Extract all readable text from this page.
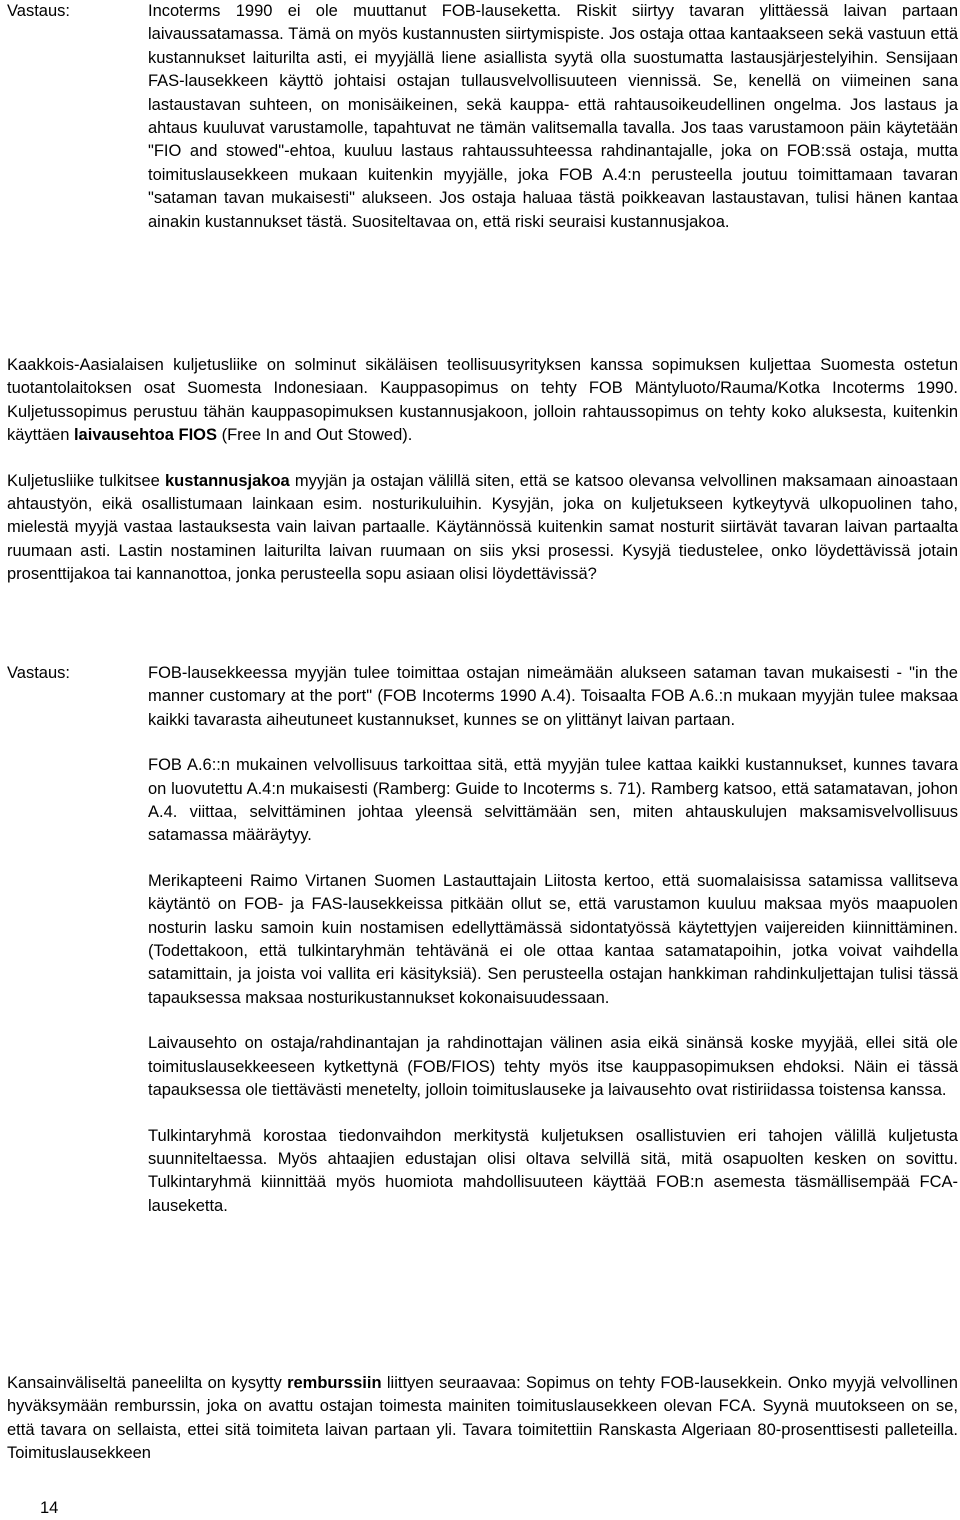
Vastaus:	Incoterms 1990 ei ole muuttanut FOB-lauseketta. Riskit siirtyy tavaran ylittäessä laivan partaan laivaussatamassa. Tämä on myös kustannusten siirtymispiste. Jos ostaja ottaa kantaakseen sekä vastuun että kustannukset laiturilta asti, ei myyjällä liene asiallista syytä olla suostumatta lastausjärjestelyihin. Sensijaan FAS-lausekkeen käyttö johtaisi ostajan tullausvelvollisuuteen viennissä. Se, kenellä on viimeinen sana lastaustavan suhteen, on monisäikeinen, sekä kauppa- että rahtausoikeudellinen ongelma. Jos lastaus ja ahtaus kuuluvat varustamolle, tapahtuvat ne tämän valitsemalla tavalla. Jos taas varustamoon päin käytetään "FIO and stowed"-ehtoa, kuuluu lastaus rahtaussuhteessa rahdinantajalle, joka on FOB:ssä ostaja, mutta toimituslausekkeen mukaan kuitenkin myyjälle, joka FOB A.4:n perusteella joutuu toimittamaan tavaran "sataman tavan mukaisesti" alukseen. Jos ostaja haluaa tästä poikkeavan lastaustavan, tulisi hänen kantaa ainakin kustannukset tästä. Suositeltavaa on, että riski seuraisi kustannusjakoa.

Kaakkois-Aasialaisen kuljetusliike on solminut sikäläisen teollisuusyrityksen kanssa sopimuksen kuljettaa Suomesta ostetun tuotantolaitoksen osat Suomesta Indonesiaan. Kauppasopimus on tehty FOB Mäntyluoto/Rauma/Kotka Incoterms 1990. Kuljetussopimus perustuu tähän kauppasopimuksen kustannusjakoon, jolloin rahtaussopimus on tehty koko aluksesta, kuitenkin käyttäen laivausehtoa FIOS (Free In and Out Stowed).

Kuljetusliike tulkitsee kustannusjakoa myyjän ja ostajan välillä siten, että se katsoo olevansa velvollinen maksamaan ainoastaan ahtaustyön, eikä osallistumaan lainkaan esim. nosturikuluihin. Kysyjän, joka on kuljetukseen kytkeytyvä ulkopuolinen taho, mielestä myyjä vastaa lastauksesta vain laivan partaalle. Käytännössä kuitenkin samat nosturit siirtävät tavaran laivan partaalta ruumaan asti. Lastin nostaminen laiturilta laivan ruumaan on siis yksi prosessi. Kysyjä tiedustelee, onko löydettävissä jotain prosenttijakoa tai kannanottoa, jonka perusteella sopu asiaan olisi löydettävissä?

Vastaus:	FOB-lausekkeessa myyjän tulee toimittaa ostajan nimeämään alukseen sataman tavan mukaisesti - "in the manner customary at the port" (FOB Incoterms 1990 A.4). Toisaalta FOB A.6.:n mukaan myyjän tulee maksaa kaikki tavarasta aiheutuneet kustannukset, kunnes se on ylittänyt laivan partaan.

FOB A.6::n mukainen velvollisuus tarkoittaa sitä, että myyjän tulee kattaa kaikki kustannukset, kunnes tavara on luovutettu A.4:n mukaisesti (Ramberg: Guide to Incoterms s. 71). Ramberg katsoo, että satamatavan, johon A.4. viittaa, selvittäminen johtaa yleensä selvittämään sen, miten ahtauskulujen maksamisvelvollisuus satamassa määräytyy.

Merikapteeni Raimo Virtanen Suomen Lastauttajain Liitosta kertoo, että suomalaisissa satamissa vallitseva käytäntö on FOB- ja FAS-lausekkeissa pitkään ollut se, että varustamon kuuluu maksaa myös maapuolen nosturin lasku samoin kuin nostamisen edellyttämässä sidontatyössä käytettyjen vaijereiden kiinnittäminen. (Todettakoon, että tulkintaryhmän tehtävänä ei ole ottaa kantaa satamatapoihin, jotka voivat vaihdella satamittain, ja joista voi vallita eri käsityksiä). Sen perusteella ostajan hankkiman rahdinkuljettajan tulisi tässä tapauksessa maksaa nosturikustannukset kokonaisuudessaan.

Laivausehto on ostaja/rahdinantajan ja rahdinottajan välinen asia eikä sinänsä koske myyjää, ellei sitä ole toimituslausekkeeseen kytkettynä (FOB/FIOS) tehty myös itse kauppasopimuksen ehdoksi. Näin ei tässä tapauksessa ole tiettävästi menetelty, jolloin toimituslauseke ja laivausehto ovat ristiriidassa toistensa kanssa.

Tulkintaryhmä korostaa tiedonvaihdon merkitystä kuljetuksen osallistuvien eri tahojen välillä kuljetusta suunniteltaessa. Myös ahtaajien edustajan olisi oltava selvillä sitä, mitä osapuolten kesken on sovittu. Tulkintaryhmä kiinnittää myös huomiota mahdollisuuteen käyttää FOB:n asemesta täsmällisempää FCA-lauseketta.

Kansainväliseltä paneelilta on kysytty remburssiin liittyen seuraavaa: Sopimus on tehty FOB-lausekkein. Onko myyjä velvollinen hyväksymään remburssin, joka on avattu ostajan toimesta mainiten toimituslausekkeen olevan FCA. Syynä muutokseen on se, että tavara on sellaista, ettei sitä toimiteta laivan partaan yli. Tavara toimitettiin Ranskasta Algeriaan 80-prosenttisesti palleteilla. Toimituslausekkeen

14
